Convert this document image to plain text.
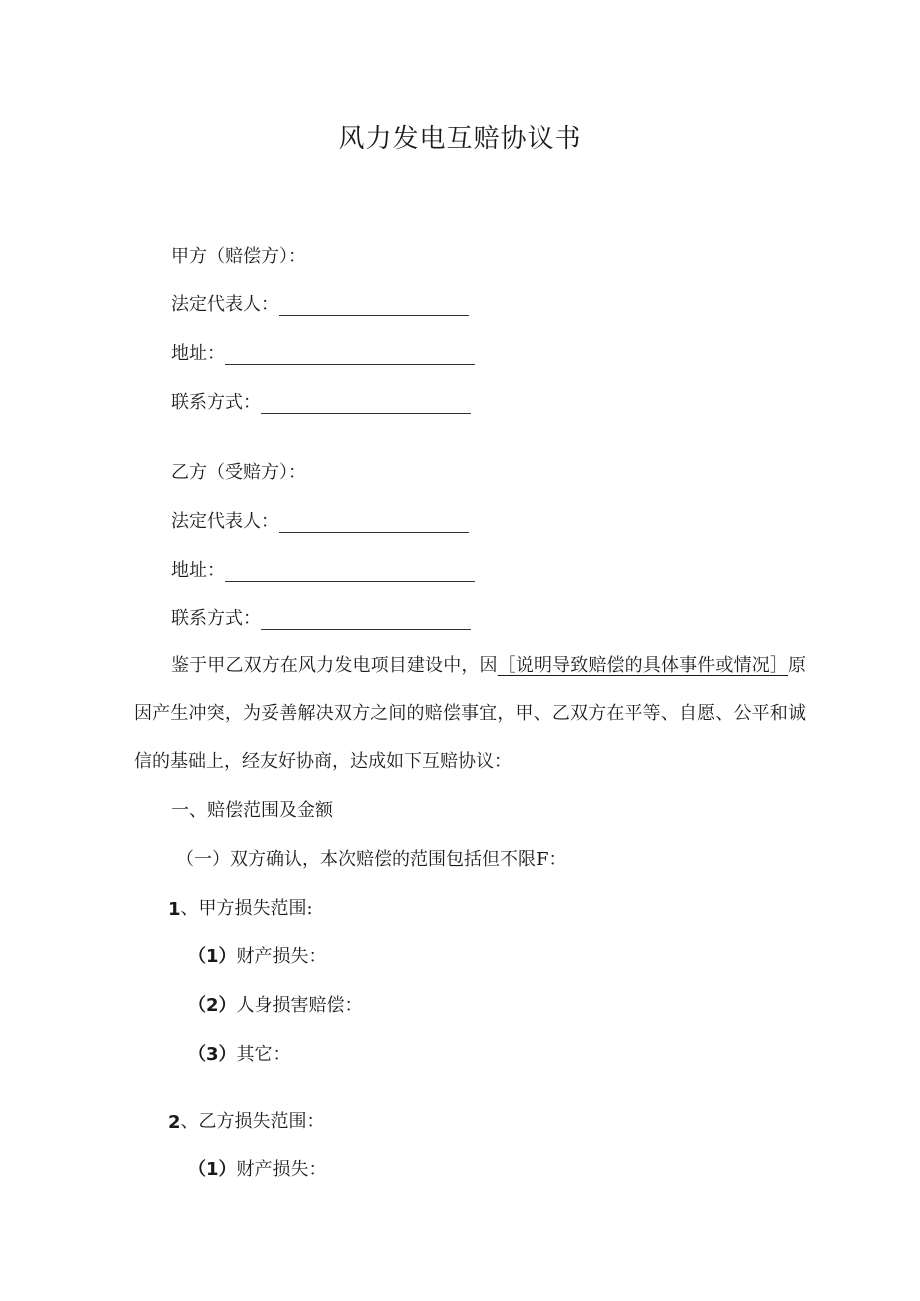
风力发电互赔协议书
甲方（赔偿方）：
法定代表人：
地址：
联系方式：
乙方（受赔方）：
法定代表人：
地址：
联系方式：
鉴于甲乙双方在风力发电项目建设中，因［说明导致赔偿的具体事件或情况］原因产生冲突，为妥善解决双方之间的赔偿事宜，甲、乙双方在平等、自愿、公平和诚信的基础上，经友好协商，达成如下互赔协议：
一、赔偿范围及金额
（一）双方确认，本次赔偿的范围包括但不限F：
1 、甲方损失范围:
（1） 财产损失：
（2） 人身损害赔偿：
（3） 其它：
2 、乙方损失范围：
（1） 财产损失：
